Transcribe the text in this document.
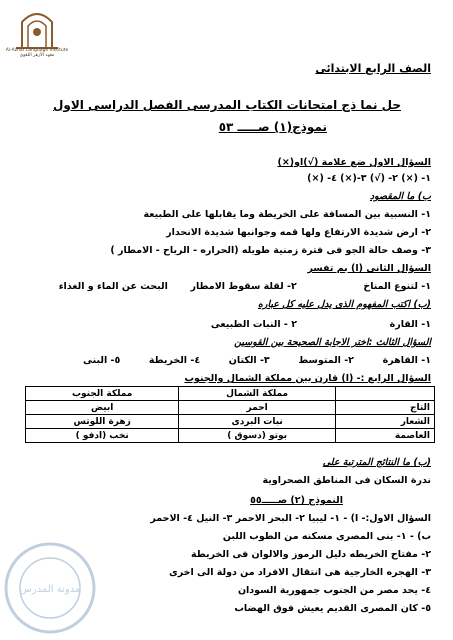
Al-Azhar Language Institute
معهد الأزهر اللغوي
الصف الرابع الابتدائى
حل نما ذج امتحانات الكتاب المدرسى الفصل الدراسى الاول
نموذج(١) صـــــ ٥٣
السؤال الاول ضع علامة (√)او(×)
١- (×) ٢- (√) ٣-(×) ٤- (×)
ب) ما المقصود
١- النسبية بين المسافة على الخريطة وما يقابلها على الطبيعة
٢- ارض شديدة الارتفاع ولها قمه وجوانبها شديدة الانحدار
٣- وصف حالة الجو فى فترة زمنية طويله (الحراره - الرياح - الامطار )
السؤال الثانى (ا) بم تفسر
١- لتنوع المناخ  ٢- لقلة سقوط الامطار  البحث عن الماء و الغذاء
(ب) اكتب المفهوم الذى يدل عليه كل عباره
١- القارة  ٢ - النبات الطبيعى
السؤال الثالث :اختر الاجابة الصحيحة بين القوسين
١- القاهرة  ٢- المتوسط  ٣- الكتان  ٤- الخريطة  ٥- البنى
السؤال الرابع :- (ا) قارن بين مملكة الشمال والجنوب
	مملكة الشمال	مملكة الجنوب
التاج	احمر	ابيض
الشعار	نبات البردى	زهرة اللوتس
العاصمة	بوتو (دسوق )	نخب (ادفو )
(ب) ما النتائج المترتبة على
ندرة السكان فى المناطق الصحراوية
النموذج (٢) صـــــ٥٥
السؤال الاول:- ا) - ١- ليبيا ٢- البحر الاحمر ٣- النيل ٤- الاحمر
ب) - ١- بنى المصرى مسكنه من الطوب اللبن
٢- مفتاح الخريطه دليل الرموز والالوان فى الخريطة
٣- الهجره الخارجية هى انتقال الافراد من دولة الى اخرى
٤- يحد مصر من الجنوب جمهورية السودان
٥- كان المصرى القديم يعيش فوق الهضاب
مدونة المدرس
